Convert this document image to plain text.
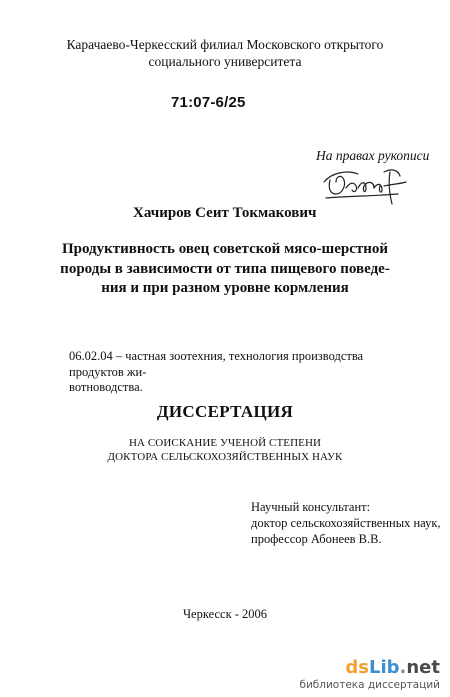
Карачаево-Черкесский филиал Московского открытого
социального университета
71:07-6/25
На правах рукописи
Хачиров Сеит Токмакович
Продуктивность овец советской мясо-шерстной
породы в зависимости от типа пищевого поведе-
ния и при разном уровне кормления
06.02.04 – частная зоотехния, технология производства продуктов жи-
вотноводства.
ДИССЕРТАЦИЯ
НА СОИСКАНИЕ УЧЕНОЙ СТЕПЕНИ
ДОКТОРА СЕЛЬСКОХОЗЯЙСТВЕННЫХ НАУК
Научный консультант:
доктор сельскохозяйственных наук,
профессор Абонеев В.В.
Черкесск - 2006
dsLib.net
библиотека диссертаций
